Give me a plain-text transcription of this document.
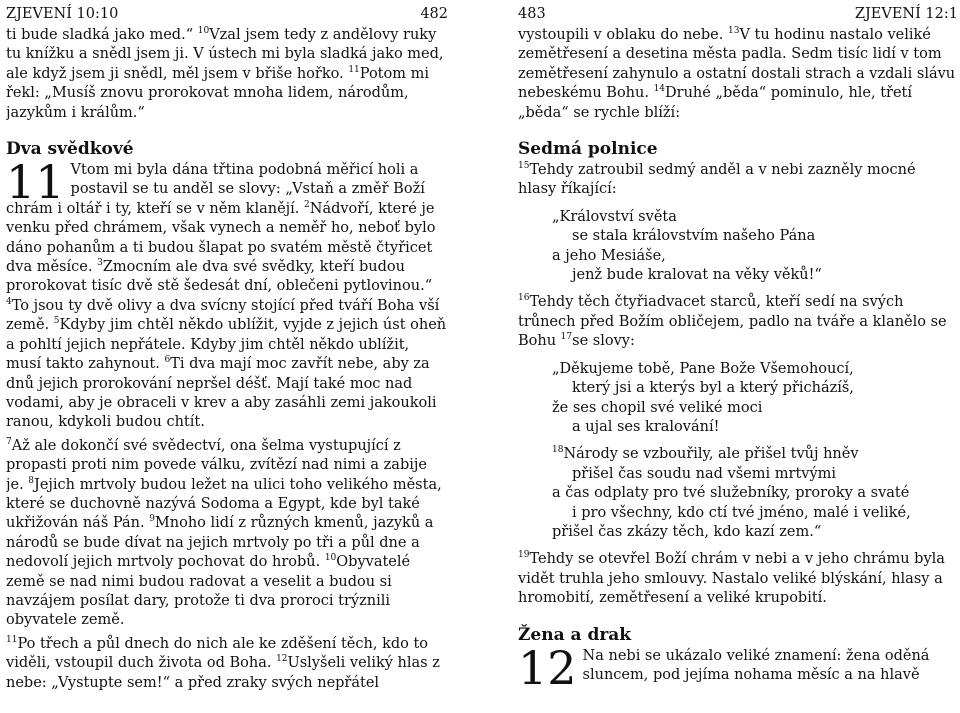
ZJEVENÍ 10:10	482

ti bude sladká jako med.“ $^{10}$Vzal jsem tedy z andělovy ruky tu knížku a snědl jsem ji. V ústech mi byla sladká jako med, ale když jsem ji snědl, měl jsem v břiše hořko. $^{11}$Potom mi řekl: „Musíš znovu prorokovat mnoha lidem, národům, jazykům i králům.“

Dva svědkové

11 Vtom mi byla dána třtina podobná měřicí holi a postavil se tu anděl se slovy: „Vstaň a změř Boží chrám i oltář i ty, kteří se v něm klanějí. $^2$Nádvoří, které je venku před chrámem, však vynech a neměř ho, neboť bylo dáno pohanům a ti budou šlapat po svatém městě čtyřicet dva měsíce. $^3$Zmocním ale dva své svědky, kteří budou prorokovat tisíc dvě stě šedesát dní, oblečeni pytlovinou.“ $^4$To jsou ty dvě olivy a dva svícny stojící před tváří Boha vší země. $^5$Kdyby jim chtěl někdo ublížit, vyjde z jejich úst oheň a pohltí jejich nepřátele. Kdyby jim chtěl někdo ublížit, musí takto zahynout. $^6$Ti dva mají moc zavřít nebe, aby za dnů jejich prorokování nepršel déšť. Mají také moc nad vodami, aby je obraceli v krev a aby zasáhli zemi jakoukoli ranou, kdykoli budou chtít.

$^7$Až ale dokončí své svědectví, ona šelma vystupující z propasti proti nim povede válku, zvítězí nad nimi a zabije je. $^8$Jejich mrtvoly budou ležet na ulici toho velikého města, které se duchovně nazývá Sodoma a Egypt, kde byl také ukřižován náš Pán. $^9$Mnoho lidí z různých kmenů, jazyků a národů se bude dívat na jejich mrtvoly po tři a půl dne a nedovolí jejich mrtvoly pochovat do hrobů. $^{10}$Obyvatelé země se nad nimi budou radovat a veselit a budou si navzájem posílat dary, protože ti dva proroci trýznili obyvatele země.

$^{11}$Po třech a půl dnech do nich ale ke zděšení těch, kdo to viděli, vstoupil duch života od Boha. $^{12}$Uslyšeli veliký hlas z nebe: „Vystupte sem!“ a před zraky svých nepřátel

483	ZJEVENÍ 12:1

vystoupili v oblaku do nebe. $^{13}$V tu hodinu nastalo veliké zemětřesení a desetina města padla. Sedm tisíc lidí v tom zemětřesení zahynulo a ostatní dostali strach a vzdali slávu nebeskému Bohu. $^{14}$Druhé „běda“ pominulo, hle, třetí „běda“ se rychle blíží:

Sedmá polnice

$^{15}$Tehdy zatroubil sedmý anděl a v nebi zazněly mocné hlasy říkající:

„Království světa
se stala královstvím našeho Pána
a jeho Mesiáše,
jenž bude kralovat na věky věků!“

$^{16}$Tehdy těch čtyřiadvacet starců, kteří sedí na svých trůnech před Božím obličejem, padlo na tváře a klanělo se Bohu $^{17}$se slovy:

„Děkujeme tobě, Pane Bože Všemohoucí,
který jsi a kterýs byl a který přicházíš,
že ses chopil své veliké moci
a ujal ses kralování!
$^{18}$Národy se vzbouřily, ale přišel tvůj hněv
přišel čas soudu nad všemi mrtvými
a čas odplaty pro tvé služebníky, proroky a svaté
i pro všechny, kdo ctí tvé jméno, malé i veliké,
přišel čas zkázy těch, kdo kazí zem.“

$^{19}$Tehdy se otevřel Boží chrám v nebi a v jeho chrámu byla vidět truhla jeho smlouvy. Nastalo veliké blýskání, hlasy a hromobití, zemětřesení a veliké krupobití.

Žena a drak

12 Na nebi se ukázalo veliké znamení: žena oděná sluncem, pod jejíma nohama měsíc a na hlavě
